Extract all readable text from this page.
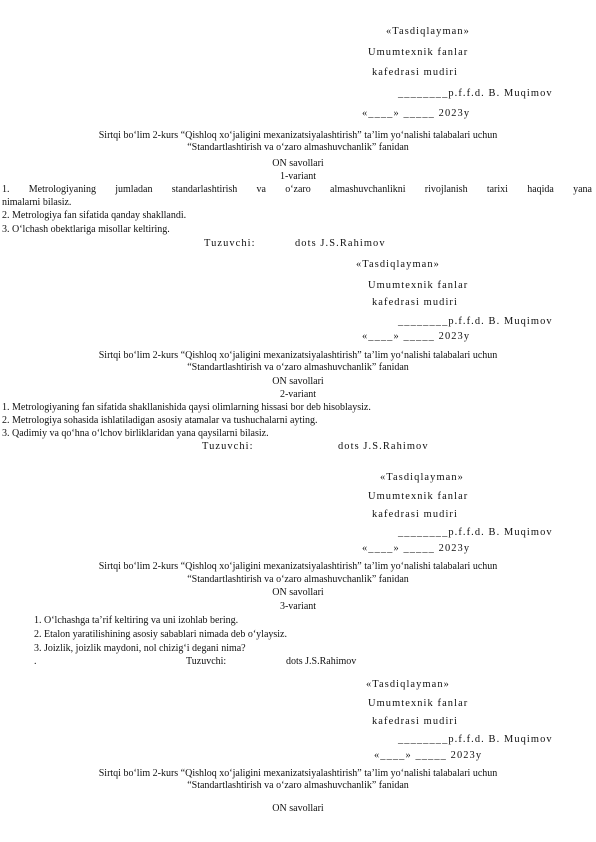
«Tasdiqlayman»
Umumtexnik fanlar
kafedrasi mudiri
________p.f.f.d. B. Muqimov
«____» _____ 2023y
Sirtqi bo‘lim 2-kurs “Qishloq xo‘jaligini mexanizatsiyalashtirish” ta’lim yo‘nalishi talabalari uchun
“Standartlashtirish va o‘zaro almashuvchanlik” fanidan
ON savollari
1-variant
1. Metrologiyaning jumladan standarlashtirish va o‘zaro almashuvchanlikni rivojlanish tarixi haqida yana
nimalarni bilasiz.
2. Metrologiya fan sifatida qanday shakllandi.
3. O‘lchash obektlariga misollar keltiring.
Tuzuvchi:	dots J.S.Rahimov
«Tasdiqlayman»
Umumtexnik fanlar
kafedrasi mudiri
________p.f.f.d. B. Muqimov
«____» _____ 2023y
Sirtqi bo‘lim 2-kurs “Qishloq xo‘jaligini mexanizatsiyalashtirish” ta’lim yo‘nalishi talabalari uchun
“Standartlashtirish va o‘zaro almashuvchanlik” fanidan
ON savollari
2-variant
1. Metrologiyaning fan sifatida shakllanishida qaysi olimlarning hissasi bor deb hisoblaysiz.
2. Metrologiya sohasida ishlatiladigan asosiy atamalar va tushuchalarni ayting.
3. Qadimiy va qo‘hna o‘lchov birliklaridan yana qaysilarni bilasiz.
Tuzuvchi:	dots J.S.Rahimov
«Tasdiqlayman»
Umumtexnik fanlar
kafedrasi mudiri
________p.f.f.d. B. Muqimov
«____» _____ 2023y
Sirtqi bo‘lim 2-kurs “Qishloq xo‘jaligini mexanizatsiyalashtirish” ta’lim yo‘nalishi talabalari uchun
“Standartlashtirish va o‘zaro almashuvchanlik” fanidan
ON savollari
3-variant
1. O‘lchashga ta’rif keltiring va uni izohlab bering.
2. Etalon yaratilishining asosiy sabablari nimada deb o‘ylaysiz.
3. Joizlik, joizlik maydoni, nol chizig‘i degani nima?
.	Tuzuvchi:	dots J.S.Rahimov
«Tasdiqlayman»
Umumtexnik fanlar
kafedrasi mudiri
________p.f.f.d. B. Muqimov
«____» _____ 2023y
Sirtqi bo‘lim 2-kurs “Qishloq xo‘jaligini mexanizatsiyalashtirish” ta’lim yo‘nalishi talabalari uchun
“Standartlashtirish va o‘zaro almashuvchanlik” fanidan
ON savollari
